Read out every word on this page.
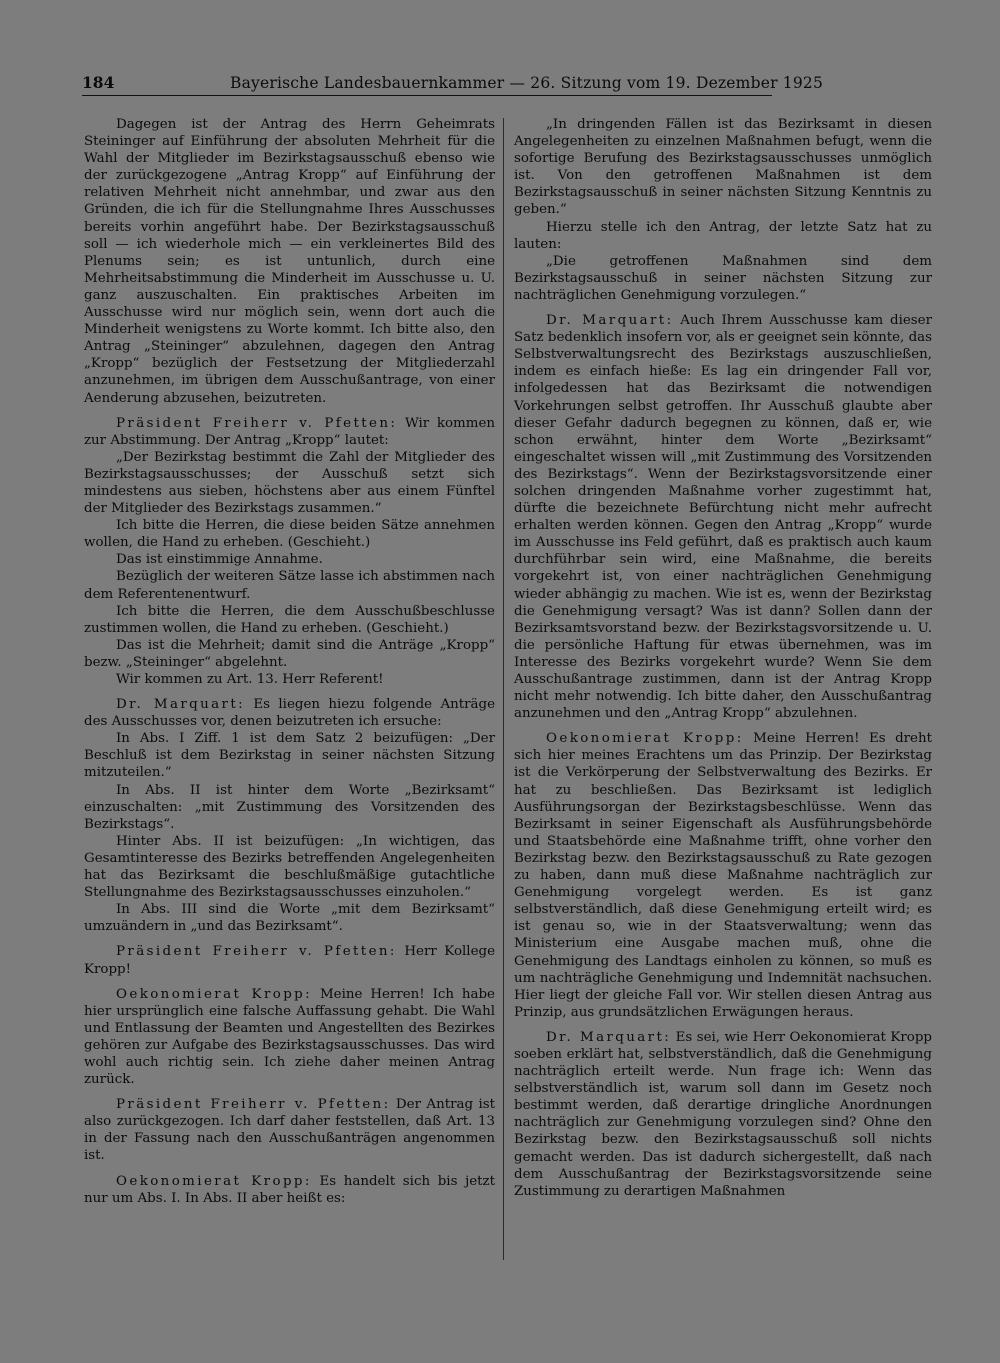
184	Bayerische Landesbauernkammer — 26. Sitzung vom 19. Dezember 1925

Dagegen ist der Antrag des Herrn Geheimrats Steininger auf Einführung der absoluten Mehrheit für die Wahl der Mitglieder im Bezirkstagsausschuß ebenso wie der zurückgezogene „Antrag Kropp“ auf Einführung der relativen Mehrheit nicht annehmbar, und zwar aus den Gründen, die ich für die Stellungnahme Ihres Ausschusses bereits vorhin angeführt habe. Der Bezirkstagsausschuß soll — ich wiederhole mich — ein verkleinertes Bild des Plenums sein; es ist untunlich, durch eine Mehrheitsabstimmung die Minderheit im Ausschusse u. U. ganz auszuschalten. Ein praktisches Arbeiten im Ausschusse wird nur möglich sein, wenn dort auch die Minderheit wenigstens zu Worte kommt. Ich bitte also, den Antrag „Steininger“ abzulehnen, dagegen den Antrag „Kropp“ bezüglich der Festsetzung der Mitgliederzahl anzunehmen, im übrigen dem Ausschußantrage, von einer Aenderung abzusehen, beizutreten.

Präsident Freiherr v. Pfetten: Wir kommen zur Abstimmung. Der Antrag „Kropp“ lautet:

„Der Bezirkstag bestimmt die Zahl der Mitglieder des Bezirkstagsausschusses; der Ausschuß setzt sich mindestens aus sieben, höchstens aber aus einem Fünftel der Mitglieder des Bezirkstags zusammen.“

Ich bitte die Herren, die diese beiden Sätze annehmen wollen, die Hand zu erheben. (Geschieht.)

Das ist einstimmige Annahme.

Bezüglich der weiteren Sätze lasse ich abstimmen nach dem Referentenentwurf.

Ich bitte die Herren, die dem Ausschußbeschlusse zustimmen wollen, die Hand zu erheben. (Geschieht.)

Das ist die Mehrheit; damit sind die Anträge „Kropp“ bezw. „Steininger“ abgelehnt.

Wir kommen zu Art. 13. Herr Referent!

Dr. Marquart: Es liegen hiezu folgende Anträge des Ausschusses vor, denen beizutreten ich ersuche:

In Abs. I Ziff. 1 ist dem Satz 2 beizufügen: „Der Beschluß ist dem Bezirkstag in seiner nächsten Sitzung mitzuteilen.“

In Abs. II ist hinter dem Worte „Bezirksamt“ einzuschalten: „mit Zustimmung des Vorsitzenden des Bezirkstags“.

Hinter Abs. II ist beizufügen: „In wichtigen, das Gesamtinteresse des Bezirks betreffenden Angelegenheiten hat das Bezirksamt die beschlußmäßige gutachtliche Stellungnahme des Bezirkstagsausschusses einzuholen.“

In Abs. III sind die Worte „mit dem Bezirksamt“ umzuändern in „und das Bezirksamt“.

Präsident Freiherr v. Pfetten: Herr Kollege Kropp!

Oekonomierat Kropp: Meine Herren! Ich habe hier ursprünglich eine falsche Auffassung gehabt. Die Wahl und Entlassung der Beamten und Angestellten des Bezirkes gehören zur Aufgabe des Bezirkstagsausschusses. Das wird wohl auch richtig sein. Ich ziehe daher meinen Antrag zurück.

Präsident Freiherr v. Pfetten: Der Antrag ist also zurückgezogen. Ich darf daher feststellen, daß Art. 13 in der Fassung nach den Ausschußanträgen angenommen ist.

Oekonomierat Kropp: Es handelt sich bis jetzt nur um Abs. I. In Abs. II aber heißt es:

„In dringenden Fällen ist das Bezirksamt in diesen Angelegenheiten zu einzelnen Maßnahmen befugt, wenn die sofortige Berufung des Bezirkstagsausschusses unmöglich ist. Von den getroffenen Maßnahmen ist dem Bezirkstagsausschuß in seiner nächsten Sitzung Kenntnis zu geben.“

Hierzu stelle ich den Antrag, der letzte Satz hat zu lauten:

„Die getroffenen Maßnahmen sind dem Bezirkstagsausschuß in seiner nächsten Sitzung zur nachträglichen Genehmigung vorzulegen.“

Dr. Marquart: Auch Ihrem Ausschusse kam dieser Satz bedenklich insofern vor, als er geeignet sein könnte, das Selbstverwaltungsrecht des Bezirkstags auszuschließen, indem es einfach hieße: Es lag ein dringender Fall vor, infolgedessen hat das Bezirksamt die notwendigen Vorkehrungen selbst getroffen. Ihr Ausschuß glaubte aber dieser Gefahr dadurch begegnen zu können, daß er, wie schon erwähnt, hinter dem Worte „Bezirksamt“ eingeschaltet wissen will „mit Zustimmung des Vorsitzenden des Bezirkstags“. Wenn der Bezirkstagsvorsitzende einer solchen dringenden Maßnahme vorher zugestimmt hat, dürfte die bezeichnete Befürchtung nicht mehr aufrecht erhalten werden können. Gegen den Antrag „Kropp“ wurde im Ausschusse ins Feld geführt, daß es praktisch auch kaum durchführbar sein wird, eine Maßnahme, die bereits vorgekehrt ist, von einer nachträglichen Genehmigung wieder abhängig zu machen. Wie ist es, wenn der Bezirkstag die Genehmigung versagt? Was ist dann? Sollen dann der Bezirksamtsvorstand bezw. der Bezirkstagsvorsitzende u. U. die persönliche Haftung für etwas übernehmen, was im Interesse des Bezirks vorgekehrt wurde? Wenn Sie dem Ausschußantrage zustimmen, dann ist der Antrag Kropp nicht mehr notwendig. Ich bitte daher, den Ausschußantrag anzunehmen und den „Antrag Kropp“ abzulehnen.

Oekonomierat Kropp: Meine Herren! Es dreht sich hier meines Erachtens um das Prinzip. Der Bezirkstag ist die Verkörperung der Selbstverwaltung des Bezirks. Er hat zu beschließen. Das Bezirksamt ist lediglich Ausführungsorgan der Bezirkstagsbeschlüsse. Wenn das Bezirksamt in seiner Eigenschaft als Ausführungsbehörde und Staatsbehörde eine Maßnahme trifft, ohne vorher den Bezirkstag bezw. den Bezirkstagsausschuß zu Rate gezogen zu haben, dann muß diese Maßnahme nachträglich zur Genehmigung vorgelegt werden. Es ist ganz selbstverständlich, daß diese Genehmigung erteilt wird; es ist genau so, wie in der Staatsverwaltung; wenn das Ministerium eine Ausgabe machen muß, ohne die Genehmigung des Landtags einholen zu können, so muß es um nachträgliche Genehmigung und Indemnität nachsuchen. Hier liegt der gleiche Fall vor. Wir stellen diesen Antrag aus Prinzip, aus grundsätzlichen Erwägungen heraus.

Dr. Marquart: Es sei, wie Herr Oekonomierat Kropp soeben erklärt hat, selbstverständlich, daß die Genehmigung nachträglich erteilt werde. Nun frage ich: Wenn das selbstverständlich ist, warum soll dann im Gesetz noch bestimmt werden, daß derartige dringliche Anordnungen nachträglich zur Genehmigung vorzulegen sind? Ohne den Bezirkstag bezw. den Bezirkstagsausschuß soll nichts gemacht werden. Das ist dadurch sichergestellt, daß nach dem Ausschußantrag der Bezirkstagsvorsitzende seine Zustimmung zu derartigen Maßnahmen
